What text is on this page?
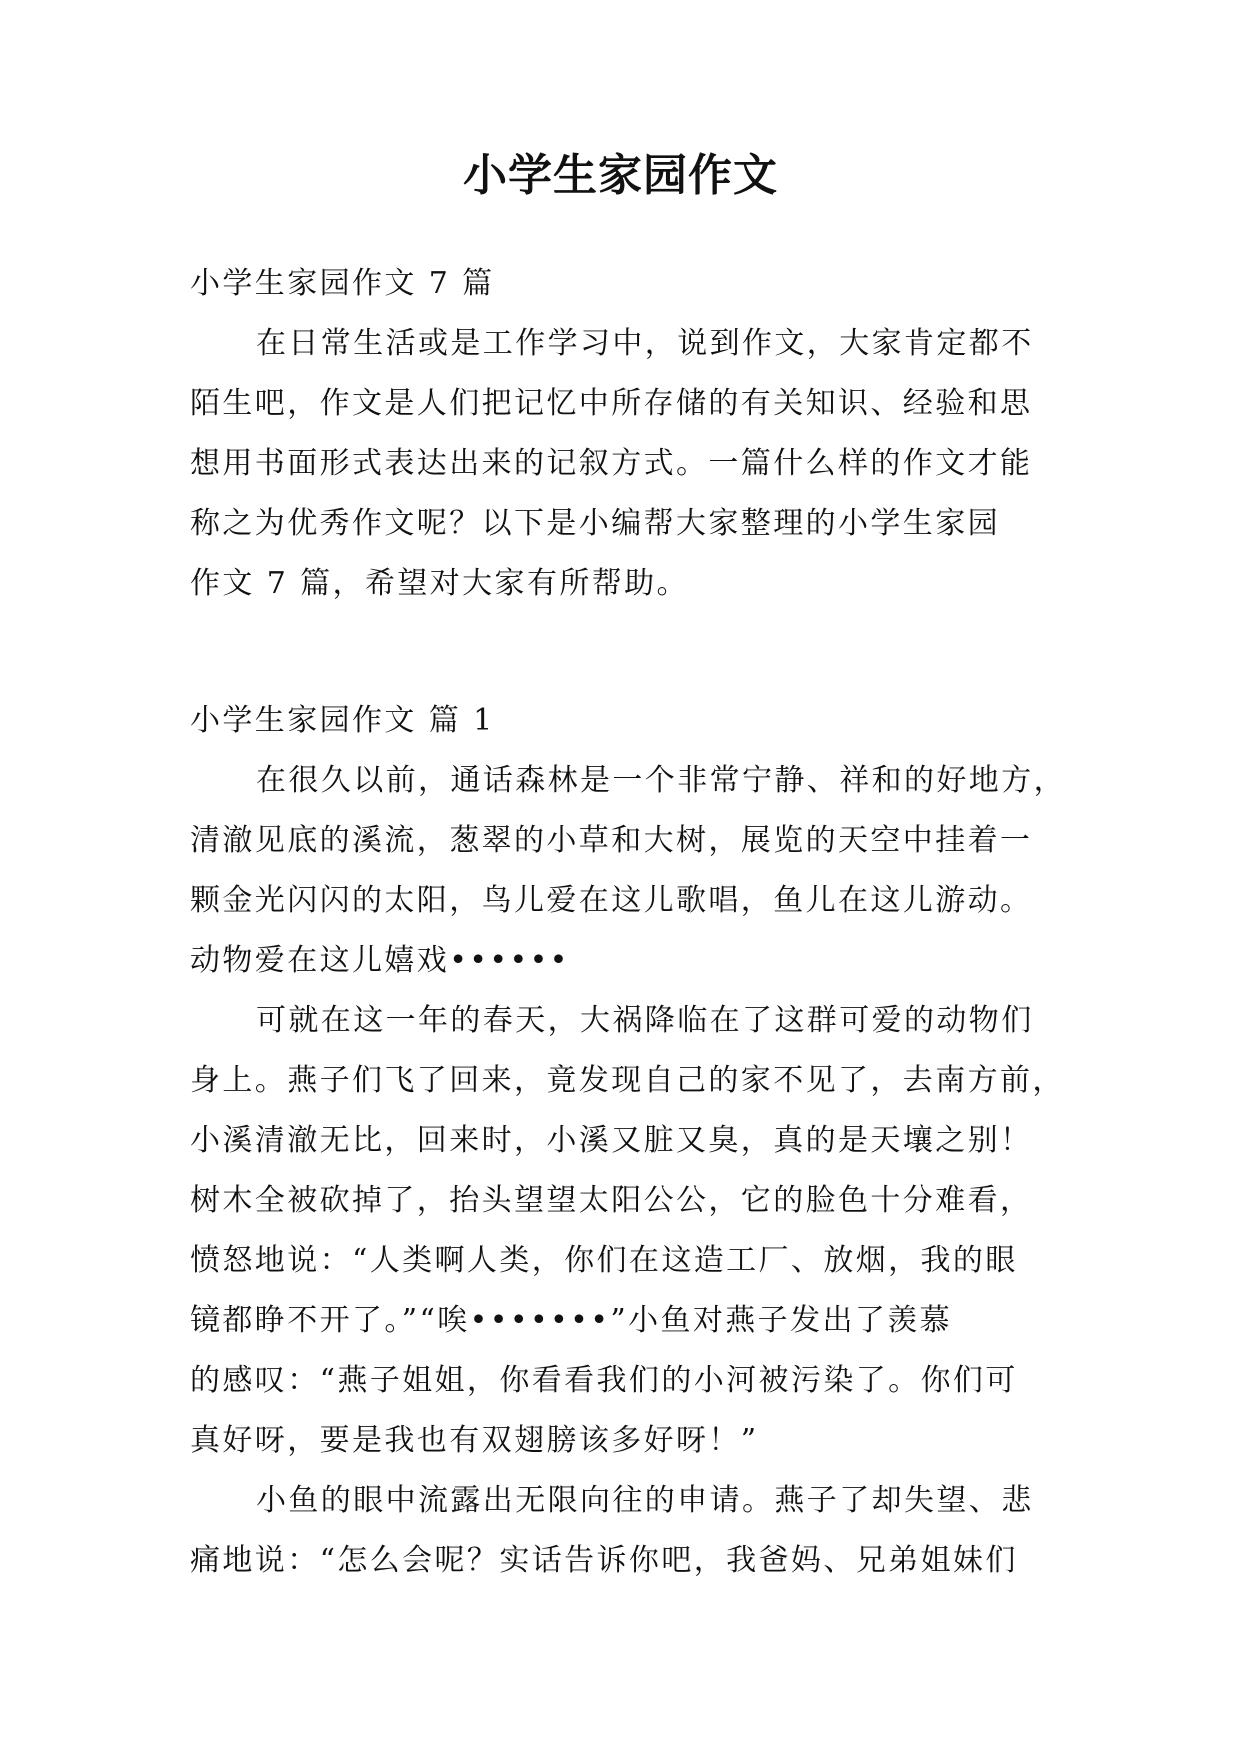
小学生家园作文
小学生家园作文 7 篇
在日常生活或是工作学习中，说到作文，大家肯定都不
陌生吧，作文是人们把记忆中所存储的有关知识、经验和思
想用书面形式表达出来的记叙方式。一篇什么样的作文才能
称之为优秀作文呢？以下是小编帮大家整理的小学生家园
作文 7 篇，希望对大家有所帮助。
小学生家园作文 篇 1
在很久以前，通话森林是一个非常宁静、祥和的好地方，
清澈见底的溪流，葱翠的小草和大树，展览的天空中挂着一
颗金光闪闪的太阳，鸟儿爱在这儿歌唱，鱼儿在这儿游动。
动物爱在这儿嬉戏••••••
可就在这一年的春天，大祸降临在了这群可爱的动物们
身上。燕子们飞了回来，竟发现自己的家不见了，去南方前，
小溪清澈无比，回来时，小溪又脏又臭，真的是天壤之别！
树木全被砍掉了，抬头望望太阳公公，它的脸色十分难看，
愤怒地说：“人类啊人类，你们在这造工厂、放烟，我的眼
镜都睁不开了。”“唉•••••••”小鱼对燕子发出了羡慕
的感叹：“燕子姐姐，你看看我们的小河被污染了。你们可
真好呀，要是我也有双翅膀该多好呀！”
小鱼的眼中流露出无限向往的申请。燕子了却失望、悲
痛地说：“怎么会呢？实话告诉你吧，我爸妈、兄弟姐妹们
